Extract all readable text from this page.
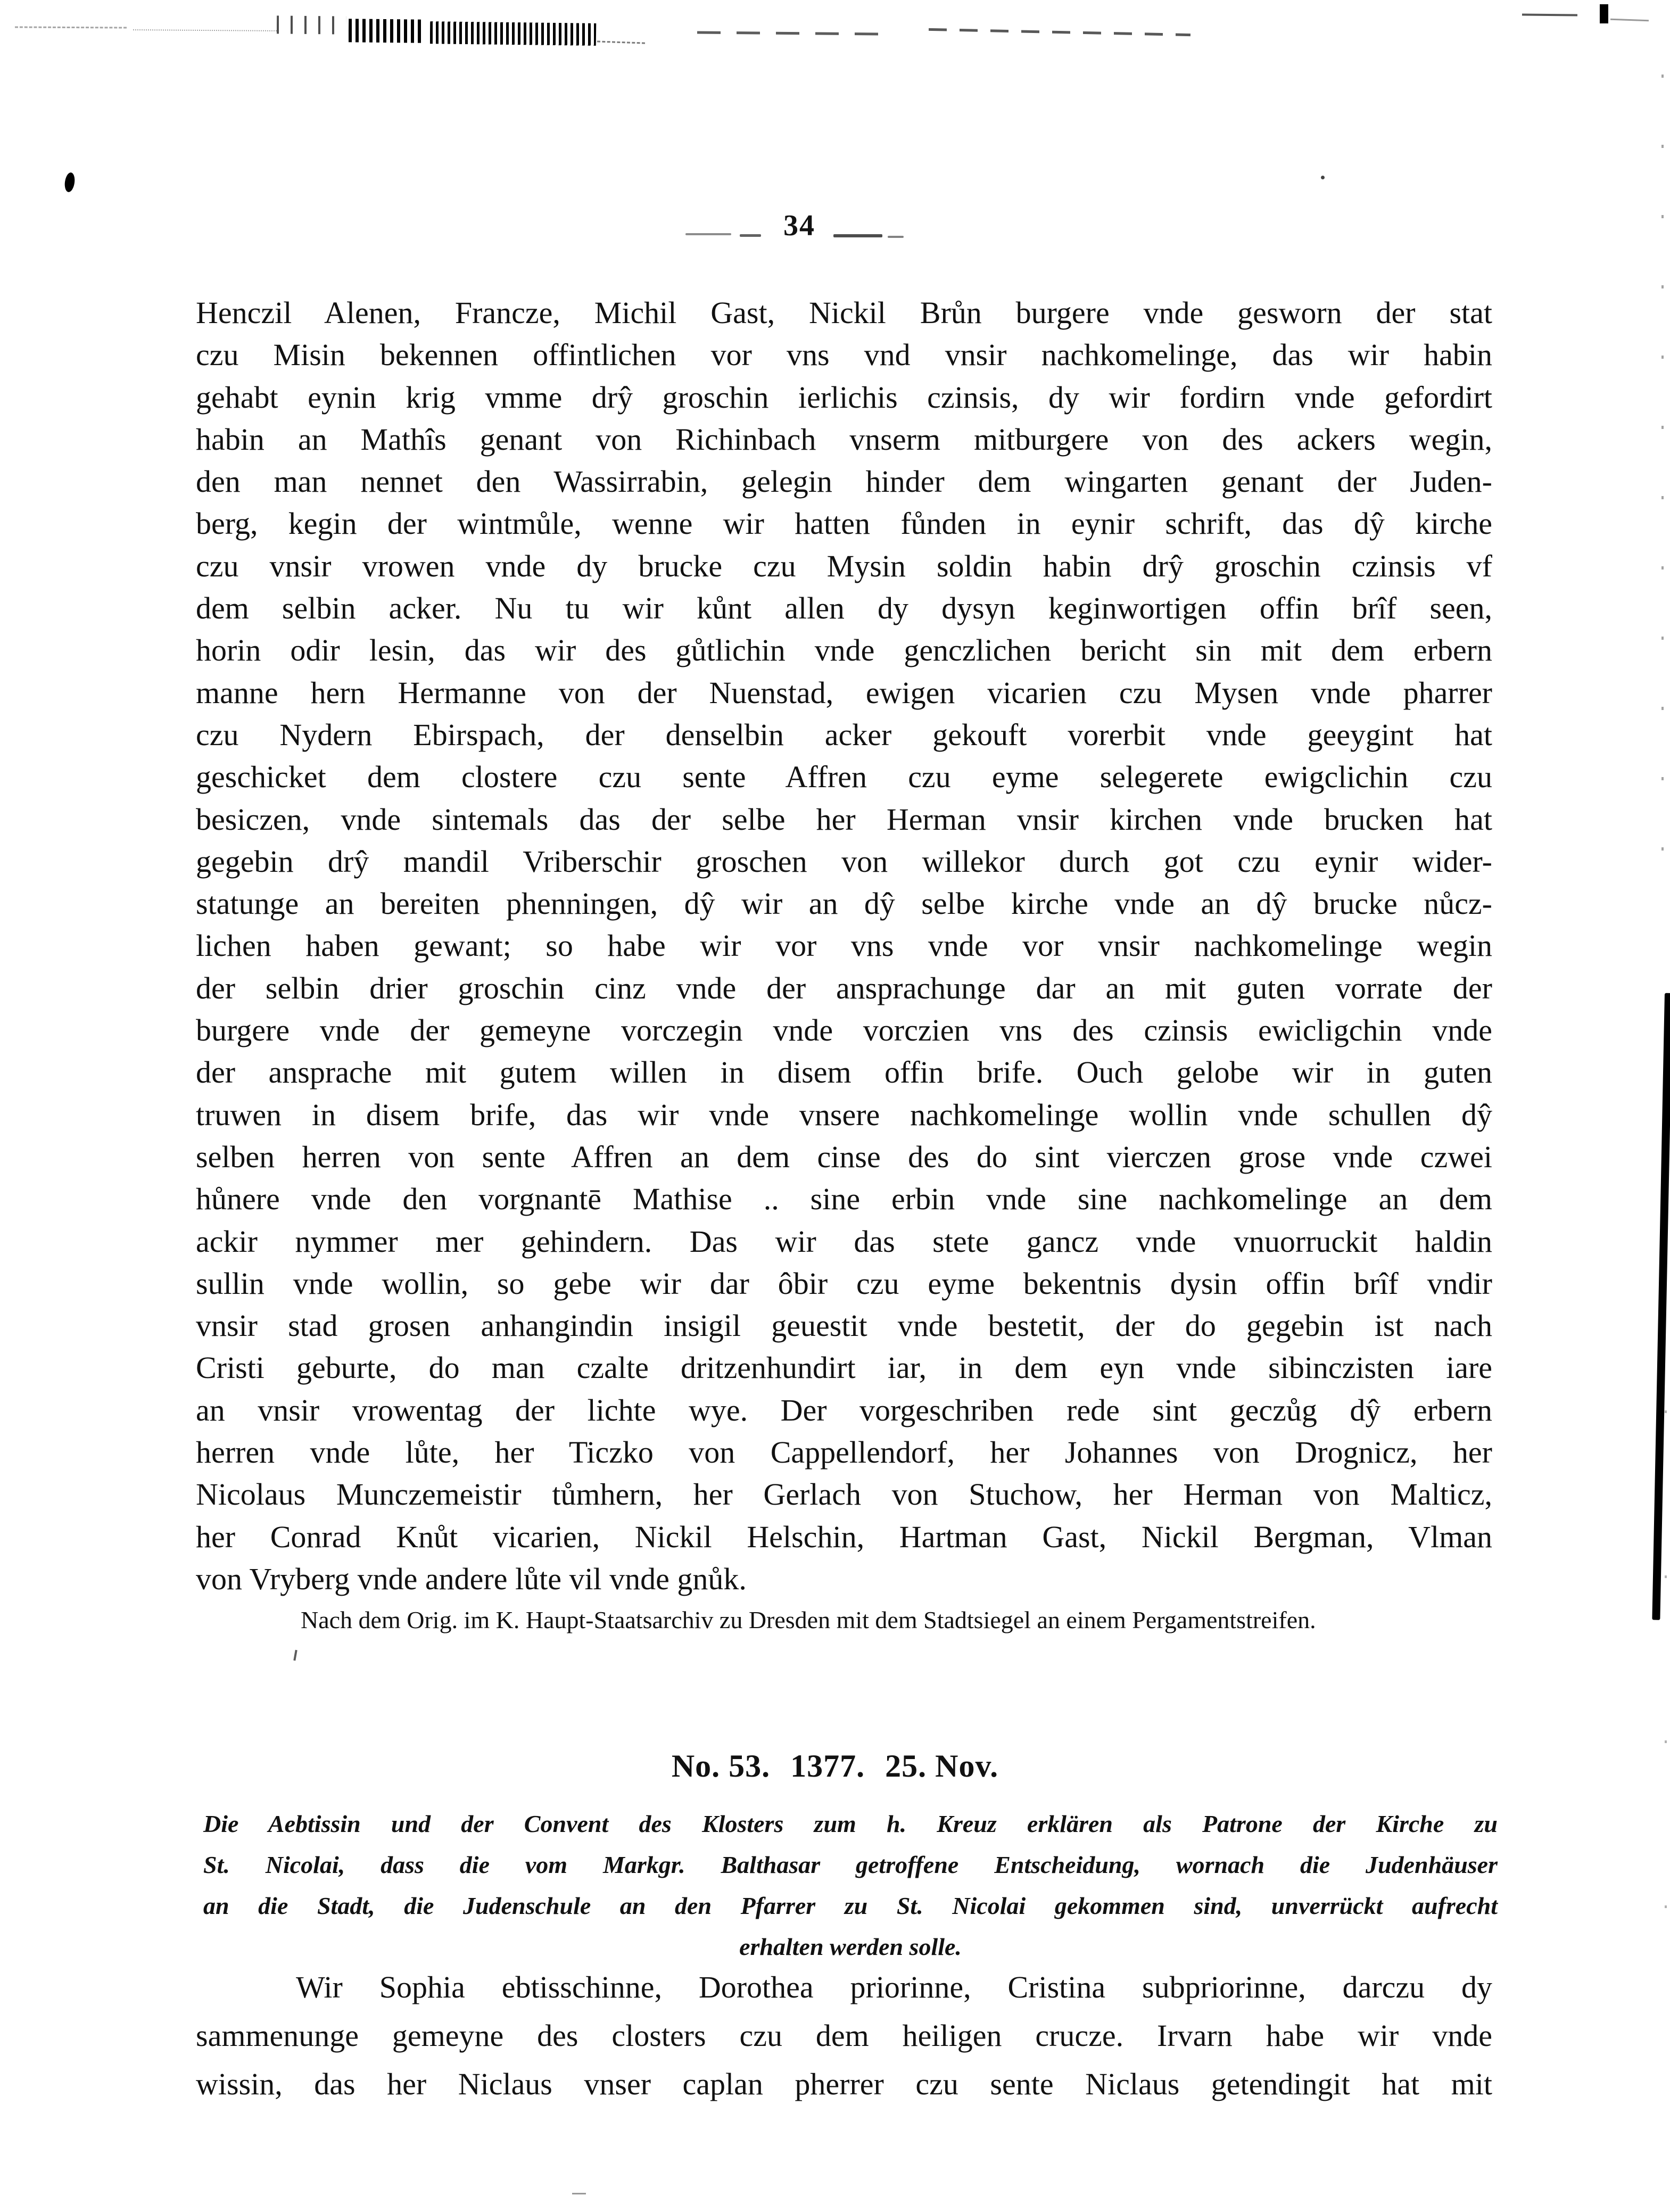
34
Henczil Alenen, Francze, Michil Gast, Nickil Brůn burgere vnde gesworn der stat
czu Misin bekennen offintlichen vor vns vnd vnsir nachkomelinge, das wir habin
gehabt eynin krig vmme drŷ groschin ierlichis czinsis, dy wir fordirn vnde gefordirt
habin an Mathîs genant von Richinbach vnserm mitburgere von des ackers wegin,
den man nennet den Wassirrabin, gelegin hinder dem wingarten genant der Juden-
berg, kegin der wintmůle, wenne wir hatten fůnden in eynir schrift, das dŷ kirche
czu vnsir vrowen vnde dy brucke czu Mysin soldin habin drŷ groschin czinsis vf
dem selbin acker. Nu tu wir kůnt allen dy dysyn keginwortigen offin brîf seen,
horin odir lesin, das wir des gůtlichin vnde genczlichen bericht sin mit dem erbern
manne hern Hermanne von der Nuenstad, ewigen vicarien czu Mysen vnde pharrer
czu Nydern Ebirspach, der denselbin acker gekouft vorerbit vnde geeygint hat
geschicket dem clostere czu sente Affren czu eyme selegerete ewigclichin czu
besiczen, vnde sintemals das der selbe her Herman vnsir kirchen vnde brucken hat
gegebin drŷ mandil Vriberschir groschen von willekor durch got czu eynir wider-
statunge an bereiten phenningen, dŷ wir an dŷ selbe kirche vnde an dŷ brucke nůcz-
lichen haben gewant; so habe wir vor vns vnde vor vnsir nachkomelinge wegin
der selbin drier groschin cinz vnde der ansprachunge dar an mit guten vorrate der
burgere vnde der gemeyne vorczegin vnde vorczien vns des czinsis ewicligchin vnde
der ansprache mit gutem willen in disem offin brife. Ouch gelobe wir in guten
truwen in disem brife, das wir vnde vnsere nachkomelinge wollin vnde schullen dŷ
selben herren von sente Affren an dem cinse des do sint vierczen grose vnde czwei
hůnere vnde den vorgnantē Mathise .. sine erbin vnde sine nachkomelinge an dem
ackir nymmer mer gehindern. Das wir das stete gancz vnde vnuorruckit haldin
sullin vnde wollin, so gebe wir dar ôbir czu eyme bekentnis dysin offin brîf vndir
vnsir stad grosen anhangindin insigil geuestit vnde bestetit, der do gegebin ist nach
Cristi geburte, do man czalte dritzenhundirt iar, in dem eyn vnde sibinczisten iare
an vnsir vrowentag der lichte wye. Der vorgeschriben rede sint geczůg dŷ erbern
herren vnde lůte, her Ticzko von Cappellendorf, her Johannes von Drognicz, her
Nicolaus Munczemeistir tůmhern, her Gerlach von Stuchow, her Herman von Malticz,
her Conrad Knůt vicarien, Nickil Helschin, Hartman Gast, Nickil Bergman, Vlman
von Vryberg vnde andere lůte vil vnde gnůk.
Nach dem Orig. im K. Haupt-Staatsarchiv zu Dresden mit dem Stadtsiegel an einem Pergamentstreifen.
No. 53. 1377. 25. Nov.
Die Aebtissin und der Convent des Klosters zum h. Kreuz erklären als Patrone der Kirche zu
St. Nicolai, dass die vom Markgr. Balthasar getroffene Entscheidung, wornach die Judenhäuser
an die Stadt, die Judenschule an den Pfarrer zu St. Nicolai gekommen sind, unverrückt aufrecht
erhalten werden solle.
Wir Sophia ebtisschinne, Dorothea priorinne, Cristina subpriorinne, darczu dy
sammenunge gemeyne des closters czu dem heiligen crucze. Irvarn habe wir vnde
wissin, das her Niclaus vnser caplan pherrer czu sente Niclaus getendingit hat mit
